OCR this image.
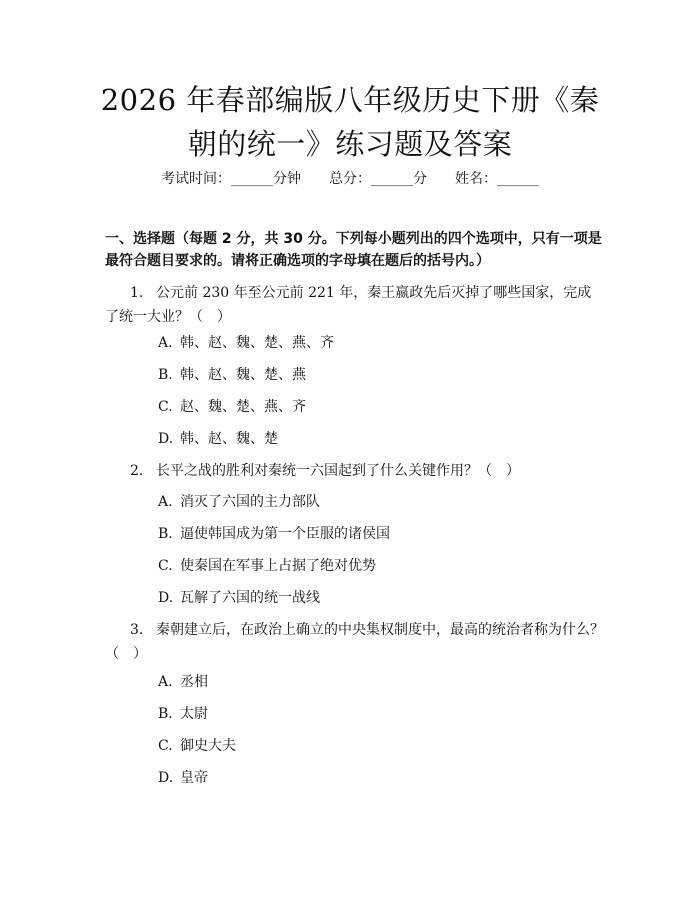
2026 年春部编版八年级历史下册《秦朝的统一》练习题及答案
考试时间：______分钟 总分：______分 姓名：______
一、选择题（每题 2 分，共 30 分。下列每小题列出的四个选项中，只有一项是最符合题目要求的。请将正确选项的字母填在题后的括号内。）
1. 公元前 230 年至公元前 221 年，秦王嬴政先后灭掉了哪些国家，完成了统一大业？（　）
A. 韩、赵、魏、楚、燕、齐
B. 韩、赵、魏、楚、燕
C. 赵、魏、楚、燕、齐
D. 韩、赵、魏、楚
2. 长平之战的胜利对秦统一六国起到了什么关键作用？（　）
A. 消灭了六国的主力部队
B. 逼使韩国成为第一个臣服的诸侯国
C. 使秦国在军事上占据了绝对优势
D. 瓦解了六国的统一战线
3. 秦朝建立后，在政治上确立的中央集权制度中，最高的统治者称为什么？（　）
A. 丞相
B. 太尉
C. 御史大夫
D. 皇帝
